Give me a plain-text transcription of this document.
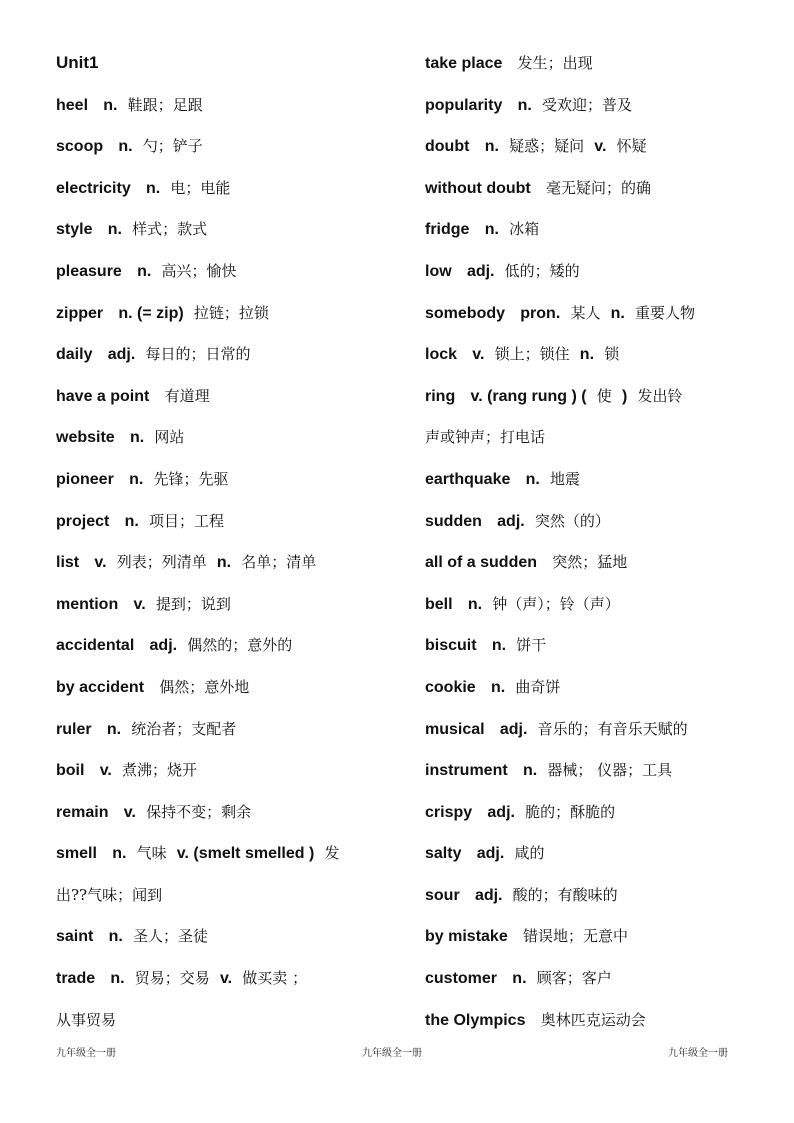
Unit1
heel n. 鞋跟；足跟
scoop n. 勺；铲子
electricity n. 电；电能
style n. 样式；款式
pleasure n. 高兴；愉快
zipper n. (= zip) 拉链；拉锁
daily adj. 每日的；日常的
have a point 有道理
website n. 网站
pioneer n. 先锋；先驱
project n. 项目；工程
list v. 列表；列清单 n. 名单；清单
mention v. 提到；说到
accidental adj. 偶然的；意外的
by accident 偶然；意外地
ruler n. 统治者；支配者
boil v. 煮沸；烧开
remain v. 保持不变；剩余
smell n. 气味 v. (smelt smelled ) 发
出??气味；闻到
saint n. 圣人；圣徒
trade n. 贸易；交易 v. 做买卖 ；
从事贸易
take place 发生；出现
popularity n. 受欢迎；普及
doubt n. 疑惑；疑问 v. 怀疑
without doubt 毫无疑问；的确
fridge n. 冰箱
low adj. 低的；矮的
somebody pron. 某人 n. 重要人物
lock v. 锁上；锁住 n. 锁
ring v. (rang rung ) ( 使 ) 发出铃
声或钟声；打电话
earthquake n. 地震
sudden adj. 突然（的）
all of a sudden 突然；猛地
bell n. 钟（声）；铃（声）
biscuit n. 饼干
cookie n. 曲奇饼
musical adj. 音乐的；有音乐天赋的
instrument n. 器械； 仪器；工具
crispy adj. 脆的；酥脆的
salty adj. 咸的
sour adj. 酸的；有酸味的
by mistake 错误地；无意中
customer n. 顾客；客户
the Olympics 奥林匹克运动会
九年级全一册	九年级全一册	九年级全一册
